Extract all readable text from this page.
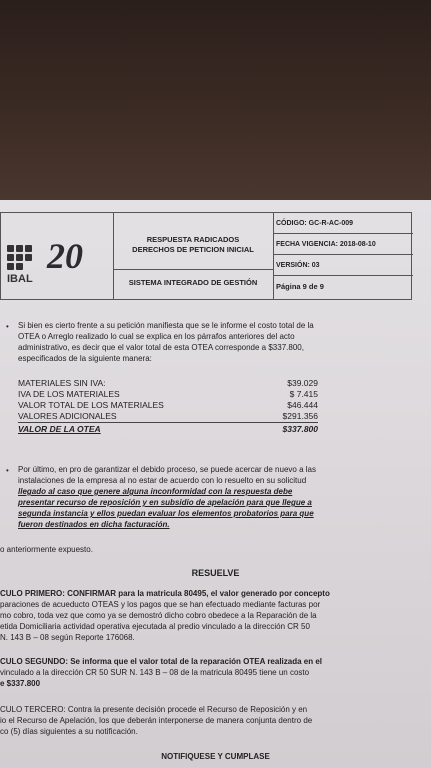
20
IBAL
RESPUESTA RADICADOS
DERECHOS DE PETICION INICIAL
SISTEMA INTEGRADO DE GESTIÓN
CÓDIGO: GC-R-AC-009
FECHA VIGENCIA: 2018-08-10
VERSIÓN: 03
Página 9 de 9
• Si bien es cierto frente a su petición manifiesta que se le informe el costo total de la
OTEA o Arreglo realizado lo cual se explica en los párrafos anteriores del acto
administrativo, es decir que el valor total de esta OTEA corresponde a $337.800,
especificados de la siguiente manera:
MATERIALES SIN IVA:	$39.029
IVA DE LOS MATERIALES	$ 7.415
VALOR TOTAL DE LOS MATERIALES	$46.444
VALORES ADICIONALES	$291.356
VALOR DE LA OTEA	$337.800
• Por último, en pro de garantizar el debido proceso, se puede acercar de nuevo a las
instalaciones de la empresa al no estar de acuerdo con lo resuelto en su solicitud
llegado al caso que genere alguna inconformidad con la respuesta debe
presentar recurso de reposición y en subsidio de apelación para que llegue a
segunda instancia y ellos puedan evaluar los elementos probatorios para que
fueron destinados en dicha facturación.
o anteriormente expuesto.
RESUELVE
CULO PRIMERO: CONFIRMAR para la matricula 80495, el valor generado por concepto
paraciones de acueducto OTEAS y los pagos que se han efectuado mediante facturas por
mo cobro, toda vez que como ya se demostró dicho cobro obedece a la Reparación de la
etida Domiciliaria actividad operativa ejecutada al predio vinculado a la dirección CR 50
N. 143 B – 08 según Reporte 176068.
CULO SEGUNDO: Se informa que el valor total de la reparación OTEA realizada en el
vinculado a la dirección CR 50 SUR N. 143 B – 08 de la matricula 80495 tiene un costo
e $337.800
CULO TERCERO: Contra la presente decisión procede el Recurso de Reposición y en
io el Recurso de Apelación, los que deberán interponerse de manera conjunta dentro de
co (5) días siguientes a su notificación.
NOTIFIQUESE Y CUMPLASE
